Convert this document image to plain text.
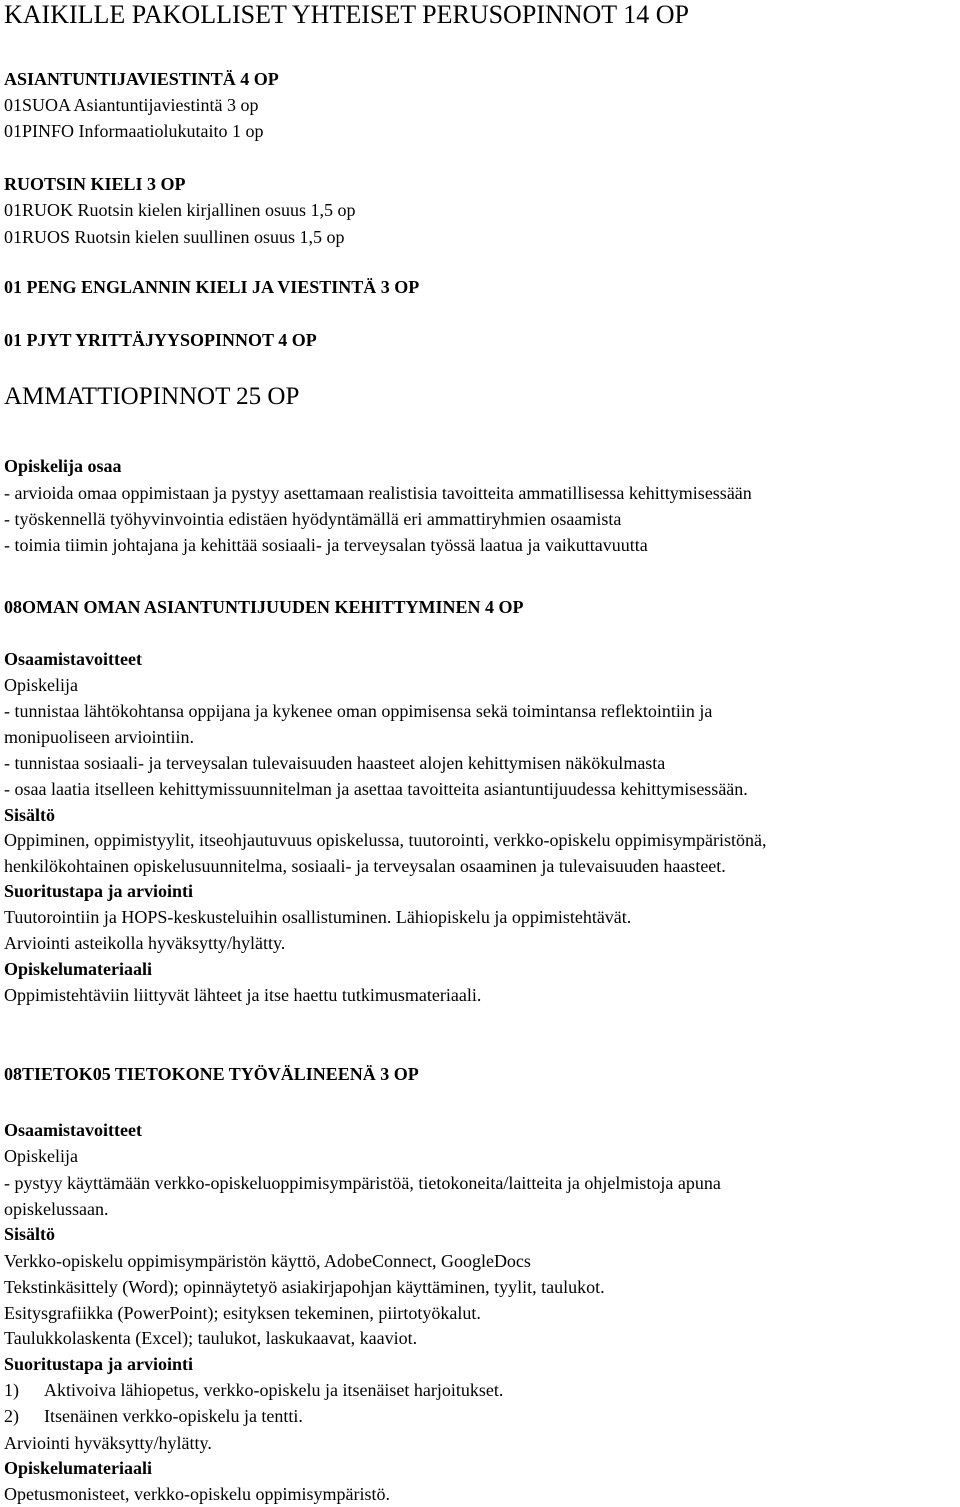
KAIKILLE PAKOLLISET YHTEISET PERUSOPINNOT 14 OP
ASIANTUNTIJAVIESTINTÄ 4 OP
01SUOA Asiantuntijaviestintä 3 op
01PINFO Informaatiolukutaito 1 op
RUOTSIN KIELI 3 OP
01RUOK Ruotsin kielen kirjallinen osuus 1,5 op
01RUOS Ruotsin kielen suullinen osuus 1,5 op
01 PENG ENGLANNIN KIELI JA VIESTINTÄ 3 OP
01 PJYT YRITTÄJYYSOPINNOT 4 OP
AMMATTIOPINNOT 25 OP
Opiskelija osaa
- arvioida omaa oppimistaan ja pystyy asettamaan realistisia tavoitteita ammatillisessa kehittymisessään
- työskennellä työhyvinvointia edistäen hyödyntämällä eri ammattiryhmien osaamista
- toimia tiimin johtajana ja kehittää sosiaali- ja terveysalan työssä laatua ja vaikuttavuutta
08OMAN OMAN ASIANTUNTIJUUDEN KEHITTYMINEN 4 OP
Osaamistavoitteet
Opiskelija
- tunnistaa lähtökohtansa oppijana ja kykenee oman oppimisensa sekä toimintansa reflektointiin ja
monipuoliseen arviointiin.
- tunnistaa sosiaali- ja terveysalan tulevaisuuden haasteet alojen kehittymisen näkökulmasta
- osaa laatia itselleen kehittymissuunnitelman ja asettaa tavoitteita asiantuntijuudessa kehittymisessään.
Sisältö
Oppiminen, oppimistyylit, itseohjautuvuus opiskelussa, tuutorointi, verkko-opiskelu oppimisympäristönä,
henkilökohtainen opiskelusuunnitelma, sosiaali- ja terveysalan osaaminen ja tulevaisuuden haasteet.
Suoritustapa ja arviointi
Tuutorointiin ja HOPS-keskusteluihin osallistuminen. Lähiopiskelu ja oppimistehtävät.
Arviointi asteikolla hyväksytty/hylätty.
Opiskelumateriaali
Oppimistehtäviin liittyvät lähteet ja itse haettu tutkimusmateriaali.
08TIETOK05 TIETOKONE TYÖVÄLINEENÄ 3 OP
Osaamistavoitteet
Opiskelija
- pystyy käyttämään verkko-opiskeluoppimisympäristöä, tietokoneita/laitteita ja ohjelmistoja apuna
opiskelussaan.
Sisältö
Verkko-opiskelu oppimisympäristön käyttö, AdobeConnect, GoogleDocs
Tekstinkäsittely (Word); opinnäytetyö asiakirjapohjan käyttäminen, tyylit, taulukot.
Esitysgrafiikka (PowerPoint); esityksen tekeminen, piirtotyökalut.
Taulukkolaskenta (Excel); taulukot, laskukaavat, kaaviot.
Suoritustapa ja arviointi
1) Aktivoiva lähiopetus, verkko-opiskelu ja itsenäiset harjoitukset.
2) Itsenäinen verkko-opiskelu ja tentti.
Arviointi hyväksytty/hylätty.
Opiskelumateriaali
Opetusmonisteet, verkko-opiskelu oppimisympäristö.
